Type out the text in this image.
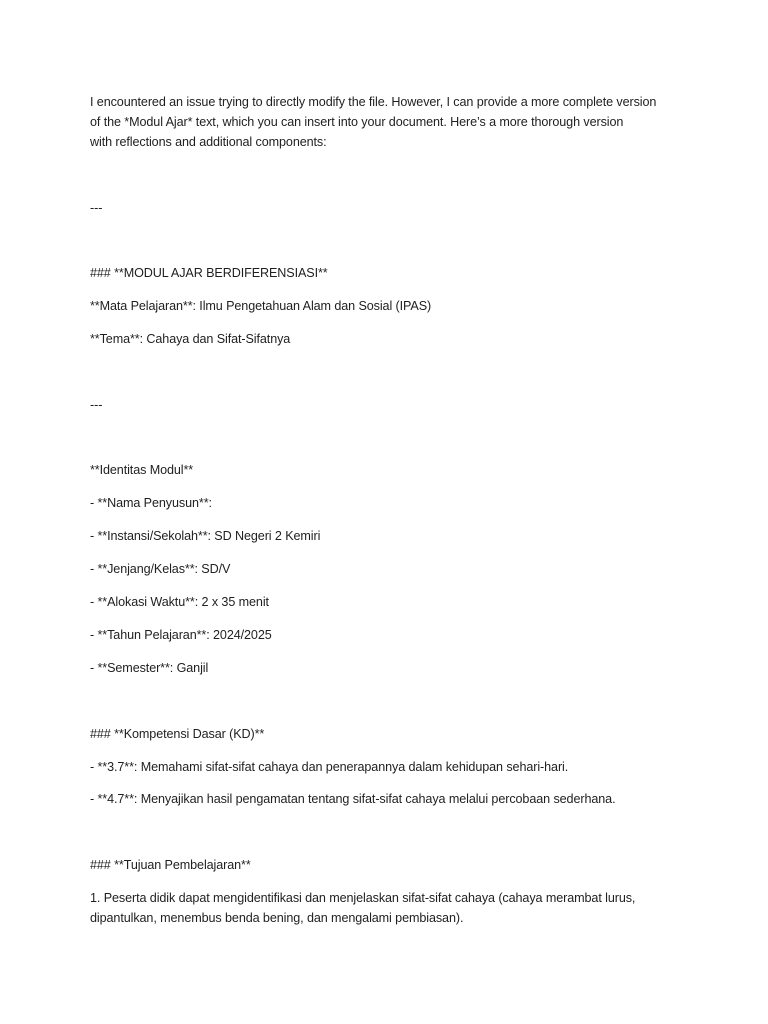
I encountered an issue trying to directly modify the file. However, I can provide a more complete version
of the *Modul Ajar* text, which you can insert into your document. Here’s a more thorough version
with reflections and additional components:
---
### **MODUL AJAR BERDIFERENSIASI**
**Mata Pelajaran**: Ilmu Pengetahuan Alam dan Sosial (IPAS)
**Tema**: Cahaya dan Sifat-Sifatnya
---
**Identitas Modul**
- **Nama Penyusun**:
- **Instansi/Sekolah**: SD Negeri 2 Kemiri
- **Jenjang/Kelas**: SD/V
- **Alokasi Waktu**: 2 x 35 menit
- **Tahun Pelajaran**: 2024/2025
- **Semester**: Ganjil
### **Kompetensi Dasar (KD)**
- **3.7**: Memahami sifat-sifat cahaya dan penerapannya dalam kehidupan sehari-hari.
- **4.7**: Menyajikan hasil pengamatan tentang sifat-sifat cahaya melalui percobaan sederhana.
### **Tujuan Pembelajaran**
1. Peserta didik dapat mengidentifikasi dan menjelaskan sifat-sifat cahaya (cahaya merambat lurus,
dipantulkan, menembus benda bening, dan mengalami pembiasan).
